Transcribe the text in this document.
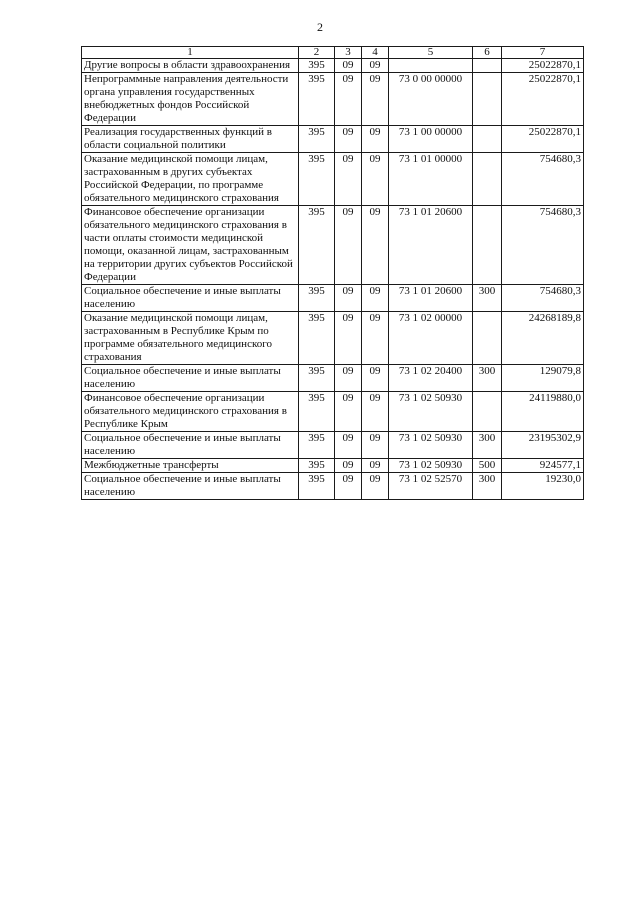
2
1	2	3	4	5	6	7
Другие вопросы в области здравоохранения	395	09	09			25022870,1
Непрограммные направления деятельности органа управления государственных внебюджетных фондов Российской Федерации	395	09	09	73 0 00 00000		25022870,1
Реализация государственных функций в области социальной политики	395	09	09	73 1 00 00000		25022870,1
Оказание медицинской помощи лицам, застрахованным в других субъектах Российской Федерации, по программе обязательного медицинского страхования	395	09	09	73 1 01 00000		754680,3
Финансовое обеспечение организации обязательного медицинского страхования в части оплаты стоимости медицинской помощи, оказанной лицам, застрахованным на территории других субъектов Российской Федерации	395	09	09	73 1 01 20600		754680,3
Социальное обеспечение и иные выплаты населению	395	09	09	73 1 01 20600	300	754680,3
Оказание медицинской помощи лицам, застрахованным в Республике Крым по программе обязательного медицинского страхования	395	09	09	73 1 02 00000		24268189,8
Социальное обеспечение и иные выплаты населению	395	09	09	73 1 02 20400	300	129079,8
Финансовое обеспечение организации обязательного медицинского страхования в Республике Крым	395	09	09	73 1 02 50930		24119880,0
Социальное обеспечение и иные выплаты населению	395	09	09	73 1 02 50930	300	23195302,9
Межбюджетные трансферты	395	09	09	73 1 02 50930	500	924577,1
Социальное обеспечение и иные выплаты населению	395	09	09	73 1 02 52570	300	19230,0
